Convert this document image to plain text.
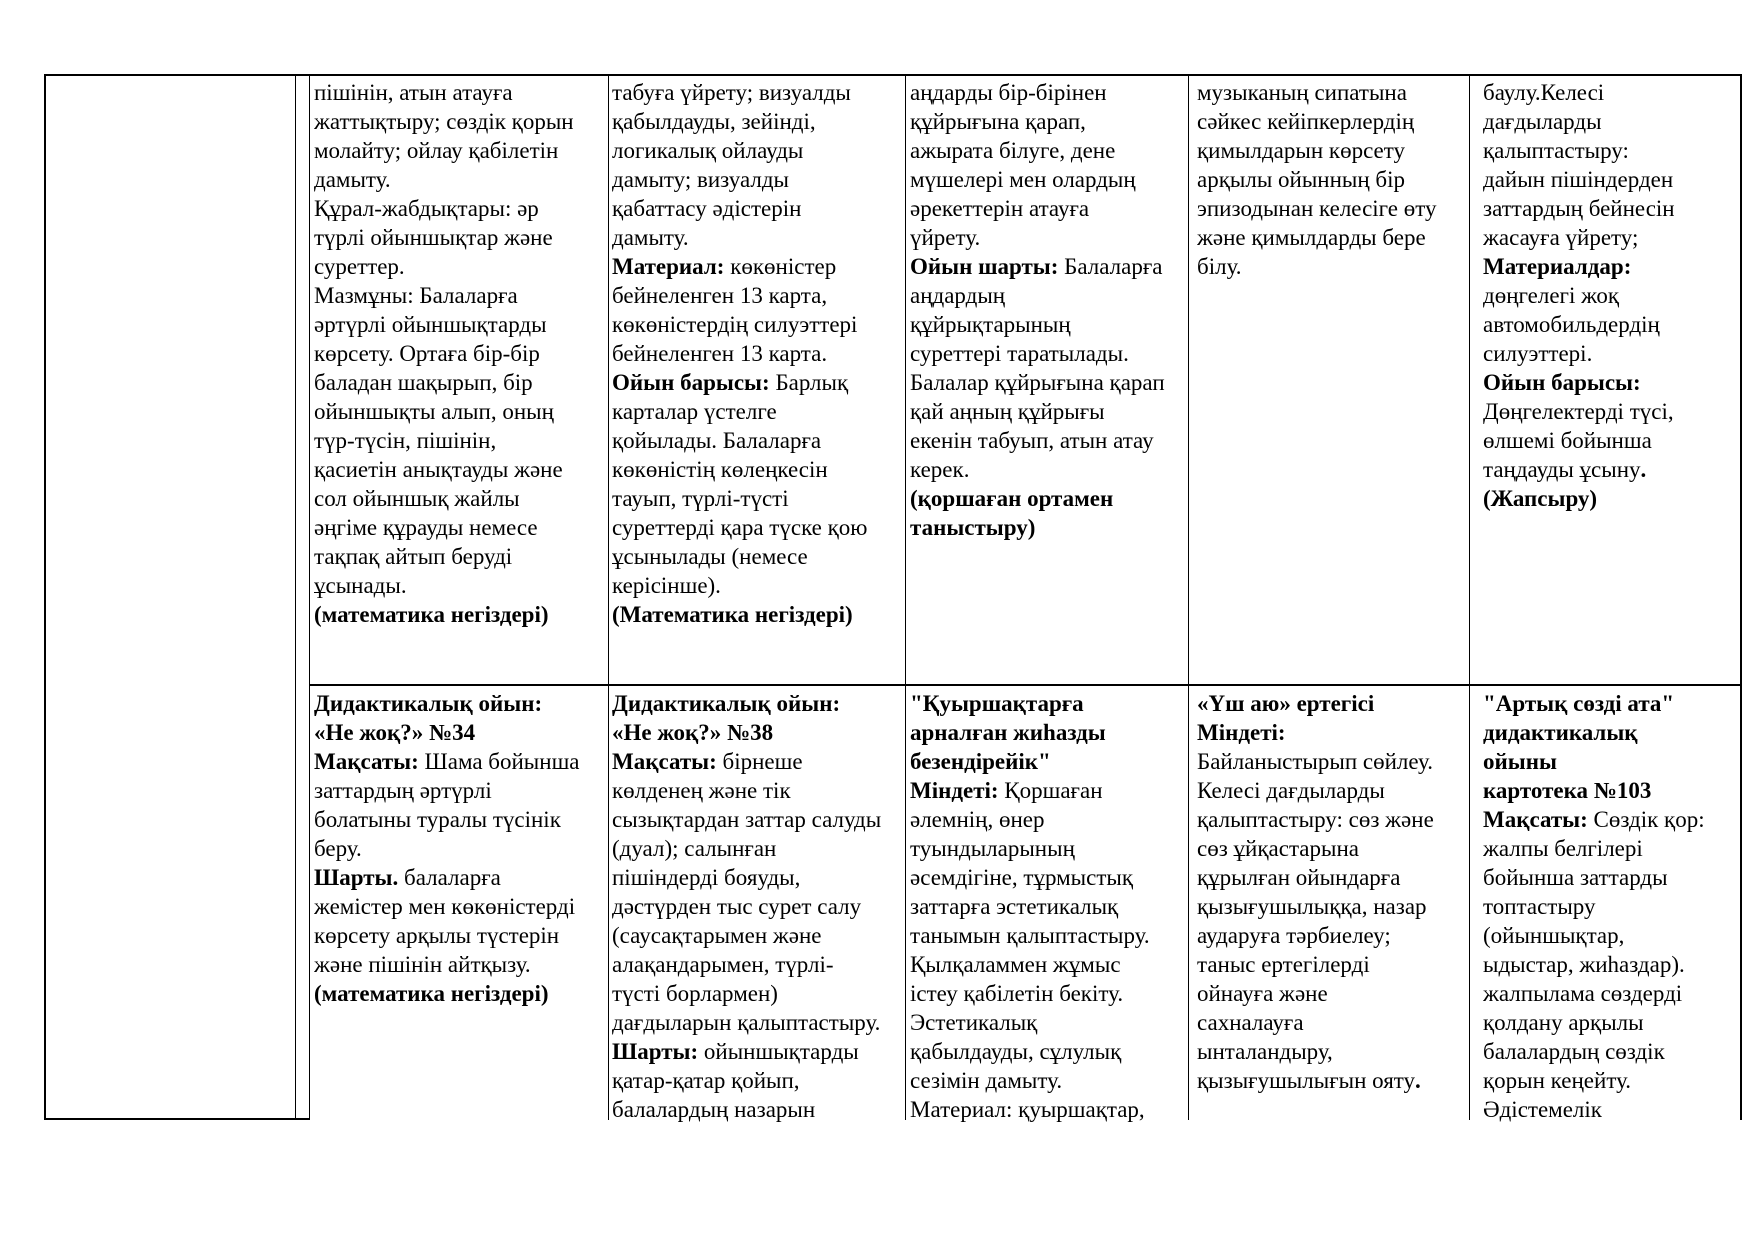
пішінін, атын атауға
жаттықтыру; сөздік қорын
молайту; ойлау қабілетін
дамыту.
Құрал-жабдықтары: әр
түрлі ойыншықтар және
суреттер.
Мазмұны: Балаларға
әртүрлі ойыншықтарды
көрсету. Ортаға бір-бір
баладан шақырып, бір
ойыншықты алып, оның
түр-түсін, пішінін,
қасиетін анықтауды және
сол ойыншық жайлы
әңгіме құрауды немесе
тақпақ айтып беруді
ұсынады.
(математика негіздері)
табуға үйрету; визуалды
қабылдауды, зейінді,
логикалық ойлауды
дамыту; визуалды
қабаттасу әдістерін
дамыту.
Материал: көкөністер
бейнеленген 13 карта,
көкөністердің силуэттері
бейнеленген 13 карта.
Ойын барысы: Барлық
карталар үстелге
қойылады. Балаларға
көкөністің көлеңкесін
тауып, түрлі-түсті
суреттерді қара түске қою
ұсынылады (немесе
керісінше).
(Математика негіздері)
аңдарды бір-бірінен
құйрығына қарап,
ажырата білуге, дене
мүшелері мен олардың
әрекеттерін атауға
үйрету.
Ойын шарты: Балаларға
аңдардың
құйрықтарының
суреттері таратылады.
Балалар құйрығына қарап
қай аңның құйрығы
екенін табуып, атын атау
керек.
(қоршаған ортамен
таныстыру)
музыканың сипатына
сәйкес кейіпкерлердің
қимылдарын көрсету
арқылы ойынның бір
эпизодынан келесіге өту
және қимылдарды бере
білу.
баулу.Келесі
дағдыларды
қалыптастыру:
дайын пішіндерден
заттардың бейнесін
жасауға үйрету;
Материалдар:
дөңгелегі жоқ
автомобильдердің
силуэттері.
Ойын барысы:
Дөңгелектерді түсі,
өлшемі бойынша
таңдауды ұсыну.
(Жапсыру)
Дидактикалық ойын:
«Не жоқ?» №34
Мақсаты: Шама бойынша
заттардың әртүрлі
болатыны туралы түсінік
беру.
Шарты. балаларға
жемістер мен көкөністерді
көрсету арқылы түстерін
және пішінін айтқызу.
(математика негіздері)
Дидактикалық ойын:
«Не жоқ?» №38
Мақсаты: бірнеше
көлденең және тік
сызықтардан заттар салуды
(дуал); салынған
пішіндерді бояуды,
дәстүрден тыс сурет салу
(саусақтарымен және
алақандарымен, түрлі-
түсті борлармен)
дағдыларын қалыптастыру.
Шарты: ойыншықтарды
қатар-қатар қойып,
балалардың назарын
"Қуыршақтарға
арналған жиһазды
безендірейік"
Міндеті: Қоршаған
әлемнің, өнер
туындыларының
әсемдігіне, тұрмыстық
заттарға эстетикалық
танымын қалыптастыру.
Қылқаламмен жұмыс
істеу қабілетін бекіту.
Эстетикалық
қабылдауды, сұлулық
сезімін дамыту.
Материал: қуыршақтар,
«Үш аю» ертегісі
Міндеті:
Байланыстырып сөйлеу.
Келесі дағдыларды
қалыптастыру: сөз және
сөз ұйқастарына
құрылған ойындарға
қызығушылыққа, назар
аударуға тәрбиелеу;
таныс ертегілерді
ойнауға және
сахналауға
ынталандыру,
қызығушылығын ояту.
"Артық сөзді ата"
дидактикалық
ойыны
картотека №103
Мақсаты: Сөздік қор:
жалпы белгілері
бойынша заттарды
топтастыру
(ойыншықтар,
ыдыстар, жиһаздар).
жалпылама сөздерді
қолдану арқылы
балалардың сөздік
қорын кеңейту.
Әдістемелік
